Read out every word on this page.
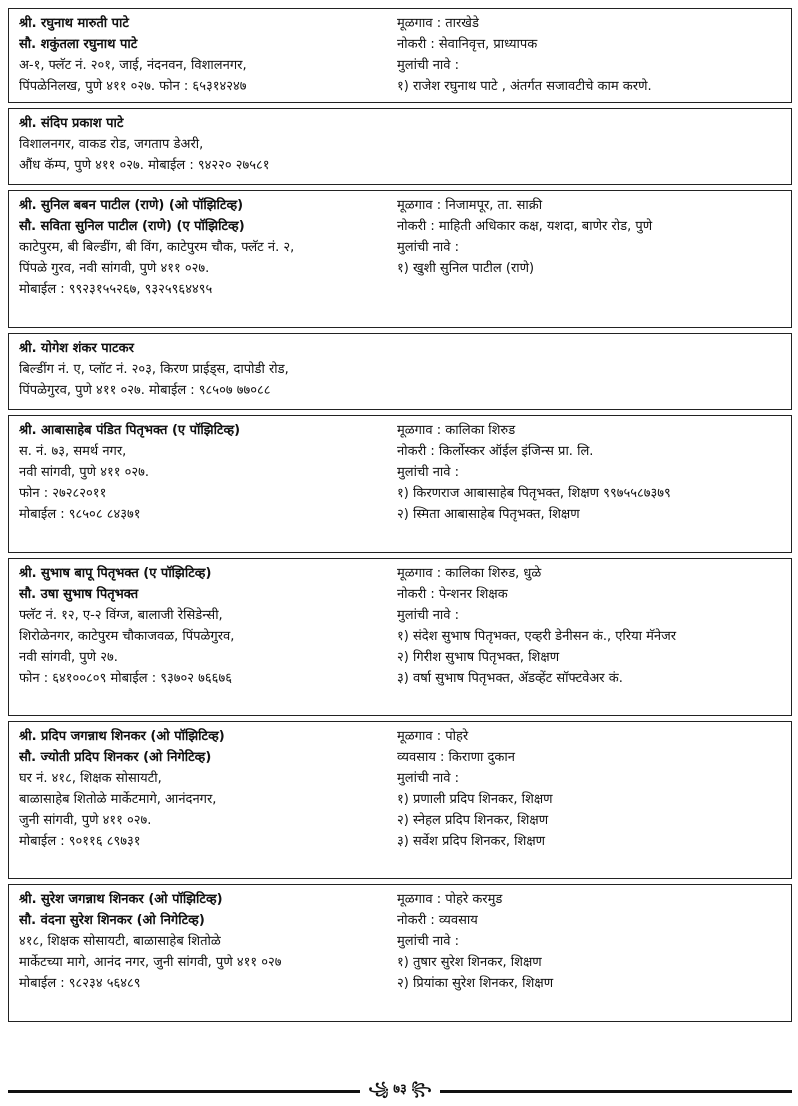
श्री. रघुनाथ मारुती पाटे
सौ. शकुंतला रघुनाथ पाटे
अ-१, फ्लॅट नं. २०१, जाई, नंदनवन, विशालनगर,
पिंपळेनिलख, पुणे ४११ ०२७. फोन : ६५३१४२४७
मूळगाव : तारखेडे
नोकरी : सेवानिवृत्त, प्राध्यापक
मुलांची नावे :
१) राजेश रघुनाथ पाटे , अंतर्गत सजावटीचे काम करणे.
श्री. संदिप प्रकाश पाटे
विशालनगर, वाकड रोड, जगताप डेअरी,
औंध कॅम्प, पुणे ४११ ०२७. मोबाईल : ९४२२० २७५८१
श्री. सुनिल बबन पाटील (राणे) (ओ पॉझिटिव्ह)
सौ. सविता सुनिल पाटील (राणे) (ए पॉझिटिव्ह)
काटेपुरम, बी बिल्डींग, बी विंग, काटेपुरम चौक, फ्लॅट नं. २,
पिंपळे गुरव, नवी सांगवी, पुणे ४११ ०२७.
मोबाईल : ९९२३१५५२६७, ९३२५९६४४९५
मूळगाव : निजामपूर, ता. साक्री
नोकरी : माहिती अधिकार कक्ष, यशदा, बाणेर रोड, पुणे
मुलांची नावे :
१) खुशी सुनिल पाटील (राणे)
श्री. योगेश शंकर पाटकर
बिल्डींग नं. ए, प्लॉट नं. २०३, किरण प्राईड्स, दापोडी रोड,
पिंपळेगुरव, पुणे ४११ ०२७. मोबाईल : ९८५०७ ७७०८८
श्री. आबासाहेब पंडित पितृभक्त (ए पॉझिटिव्ह)
स. नं. ७३, समर्थ नगर,
नवी सांगवी, पुणे ४११ ०२७.
फोन : २७२८२०११
मोबाईल : ९८५०८ ८४३७१
मूळगाव : कालिका शिरुड
नोकरी : किर्लोस्कर ऑईल इंजिन्स प्रा. लि.
मुलांची नावे :
१) किरणराज आबासाहेब पितृभक्त, शिक्षण ९९७५५८७३७९
२) स्मिता आबासाहेब पितृभक्त, शिक्षण
श्री. सुभाष बापू पितृभक्त (ए पॉझिटिव्ह)
सौ. उषा सुभाष पितृभक्त
फ्लॅट नं. १२, ए-२ विंग्ज, बालाजी रेसिडेन्सी,
शिरोळेनगर, काटेपुरम चौकाजवळ, पिंपळेगुरव,
नवी सांगवी, पुणे २७.
फोन : ६४१००८०९ मोबाईल : ९३७०२ ७६६७६
मूळगाव : कालिका शिरुड, धुळे
नोकरी : पेन्शनर शिक्षक
मुलांची नावे :
१) संदेश सुभाष पितृभक्त, एव्हरी डेनीसन कं., एरिया मॅनेजर
२) गिरीश सुभाष पितृभक्त, शिक्षण
३) वर्षा सुभाष पितृभक्त, ॲडव्हेंट सॉफ्टवेअर कं.
श्री. प्रदिप जगन्नाथ शिनकर (ओ पॉझिटिव्ह)
सौ. ज्योती प्रदिप शिनकर (ओ निगेटिव्ह)
घर नं. ४१८, शिक्षक सोसायटी,
बाळासाहेब शितोळे मार्केटमागे, आनंदनगर,
जुनी सांगवी, पुणे ४११ ०२७.
मोबाईल : ९०११६ ८९७३१
मूळगाव : पोहरे
व्यवसाय : किराणा दुकान
मुलांची नावे :
१) प्रणाली प्रदिप शिनकर, शिक्षण
२) स्नेहल प्रदिप शिनकर, शिक्षण
३) सर्वेश प्रदिप शिनकर, शिक्षण
श्री. सुरेश जगन्नाथ शिनकर (ओ पॉझिटिव्ह)
सौ. वंदना सुरेश शिनकर (ओ निगेटिव्ह)
४१८, शिक्षक सोसायटी, बाळासाहेब शितोळे
मार्केटच्या मागे, आनंद नगर, जुनी सांगवी, पुणे ४११ ०२७
मोबाईल : ९८२३४ ५६४८९
मूळगाव : पोहरे करमुड
नोकरी : व्यवसाय
मुलांची नावे :
१) तुषार सुरेश शिनकर, शिक्षण
२) प्रियांका सुरेश शिनकर, शिक्षण
꧁ ७३ ꧂
